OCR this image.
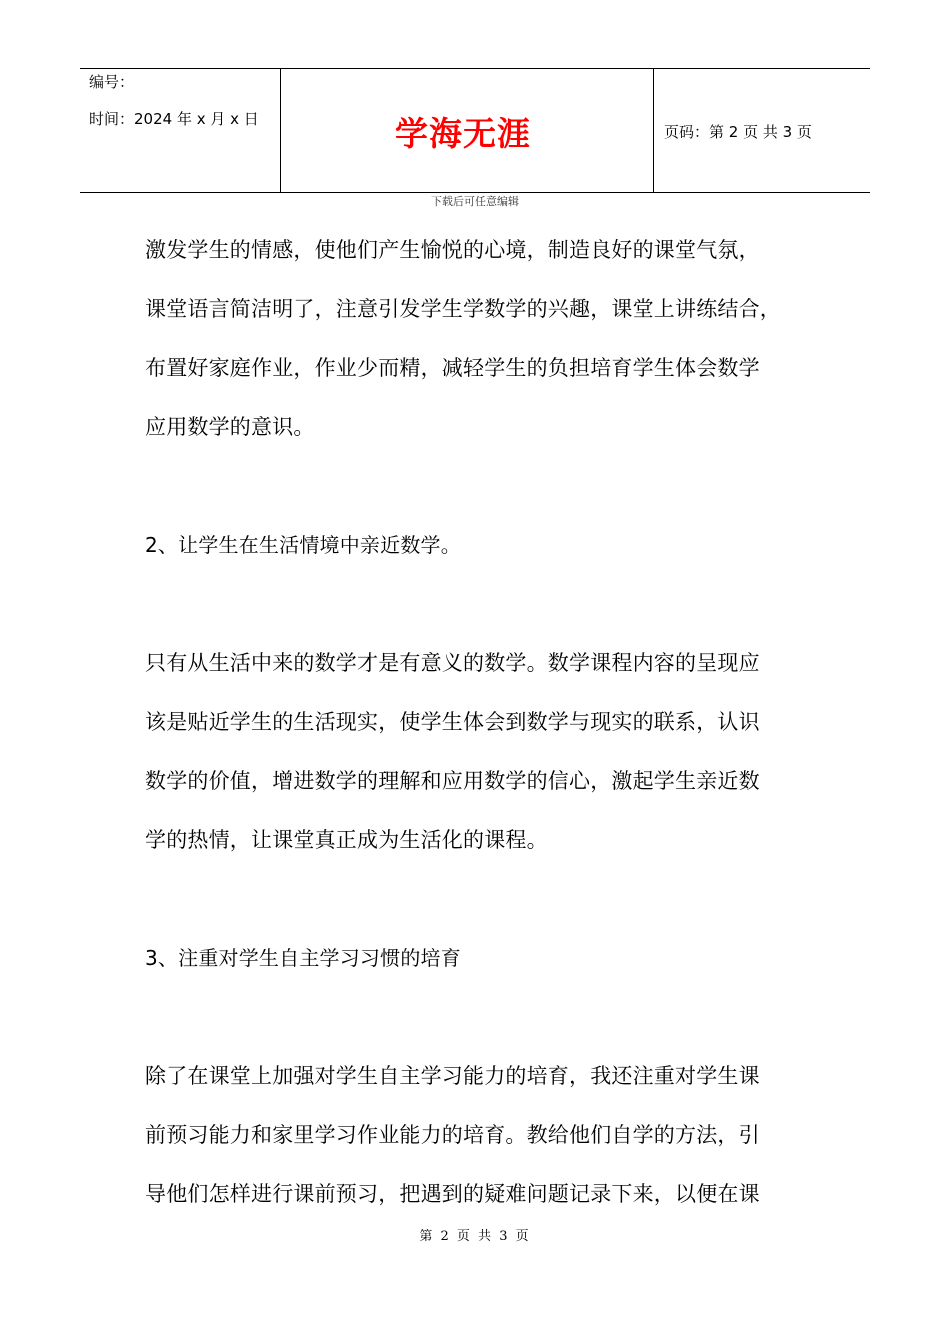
编号：
时间：2024 年 x 月 x 日	学海无涯	页码：第 2 页 共 3 页
下载后可任意编辑
激发学生的情感，使他们产生愉悦的心境，制造良好的课堂气氛，
课堂语言简洁明了，注意引发学生学数学的兴趣，课堂上讲练结合，
布置好家庭作业，作业少而精，减轻学生的负担培育学生体会数学
应用数学的意识。
2、让学生在生活情境中亲近数学。
只有从生活中来的数学才是有意义的数学。数学课程内容的呈现应
该是贴近学生的生活现实，使学生体会到数学与现实的联系，认识
数学的价值，增进数学的理解和应用数学的信心，激起学生亲近数
学的热情，让课堂真正成为生活化的课程。
3、注重对学生自主学习习惯的培育
除了在课堂上加强对学生自主学习能力的培育，我还注重对学生课
前预习能力和家里学习作业能力的培育。教给他们自学的方法，引
导他们怎样进行课前预习，把遇到的疑难问题记录下来，以便在课
第 2 页 共 3 页
